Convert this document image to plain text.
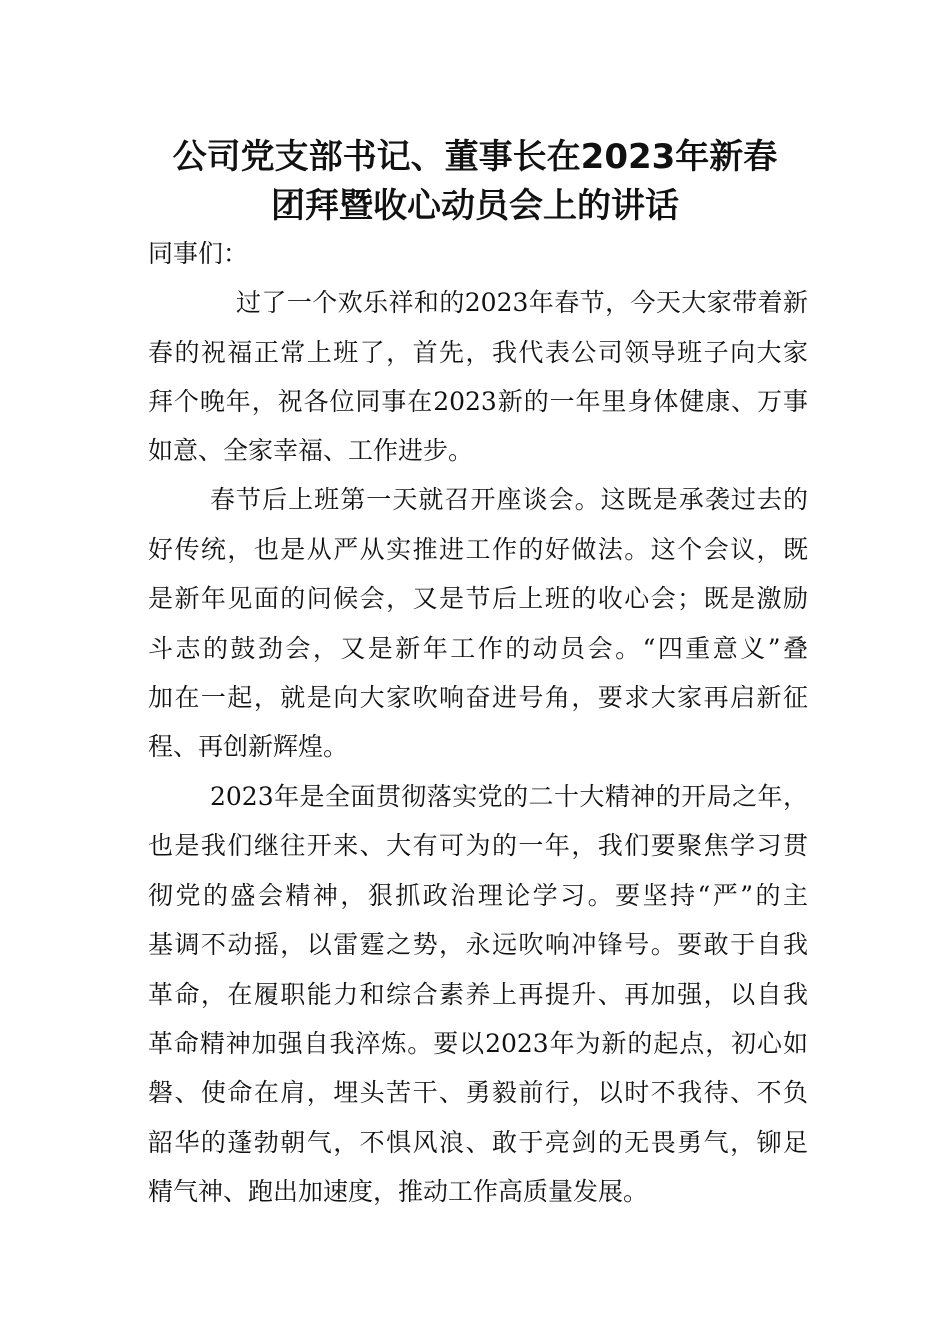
公司党支部书记、董事长在2023年新春
团拜暨收心动员会上的讲话
同事们：
过了一个欢乐祥和的2023年春节，今天大家带着新
春的祝福正常上班了，首先，我代表公司领导班子向大家
拜个晚年，祝各位同事在2023新的一年里身体健康、万事
如意、全家幸福、工作进步。
春节后上班第一天就召开座谈会。这既是承袭过去的
好传统，也是从严从实推进工作的好做法。这个会议，既
是新年见面的问候会，又是节后上班的收心会；既是激励
斗志的鼓劲会，又是新年工作的动员会。“四重意义”叠
加在一起，就是向大家吹响奋进号角，要求大家再启新征
程、再创新辉煌。
2023年是全面贯彻落实党的二十大精神的开局之年，
也是我们继往开来、大有可为的一年，我们要聚焦学习贯
彻党的盛会精神，狠抓政治理论学习。要坚持“严”的主
基调不动摇，以雷霆之势，永远吹响冲锋号。要敢于自我
革命，在履职能力和综合素养上再提升、再加强，以自我
革命精神加强自我淬炼。要以2023年为新的起点，初心如
磐、使命在肩，埋头苦干、勇毅前行，以时不我待、不负
韶华的蓬勃朝气，不惧风浪、敢于亮剑的无畏勇气，铆足
精气神、跑出加速度，推动工作高质量发展。
